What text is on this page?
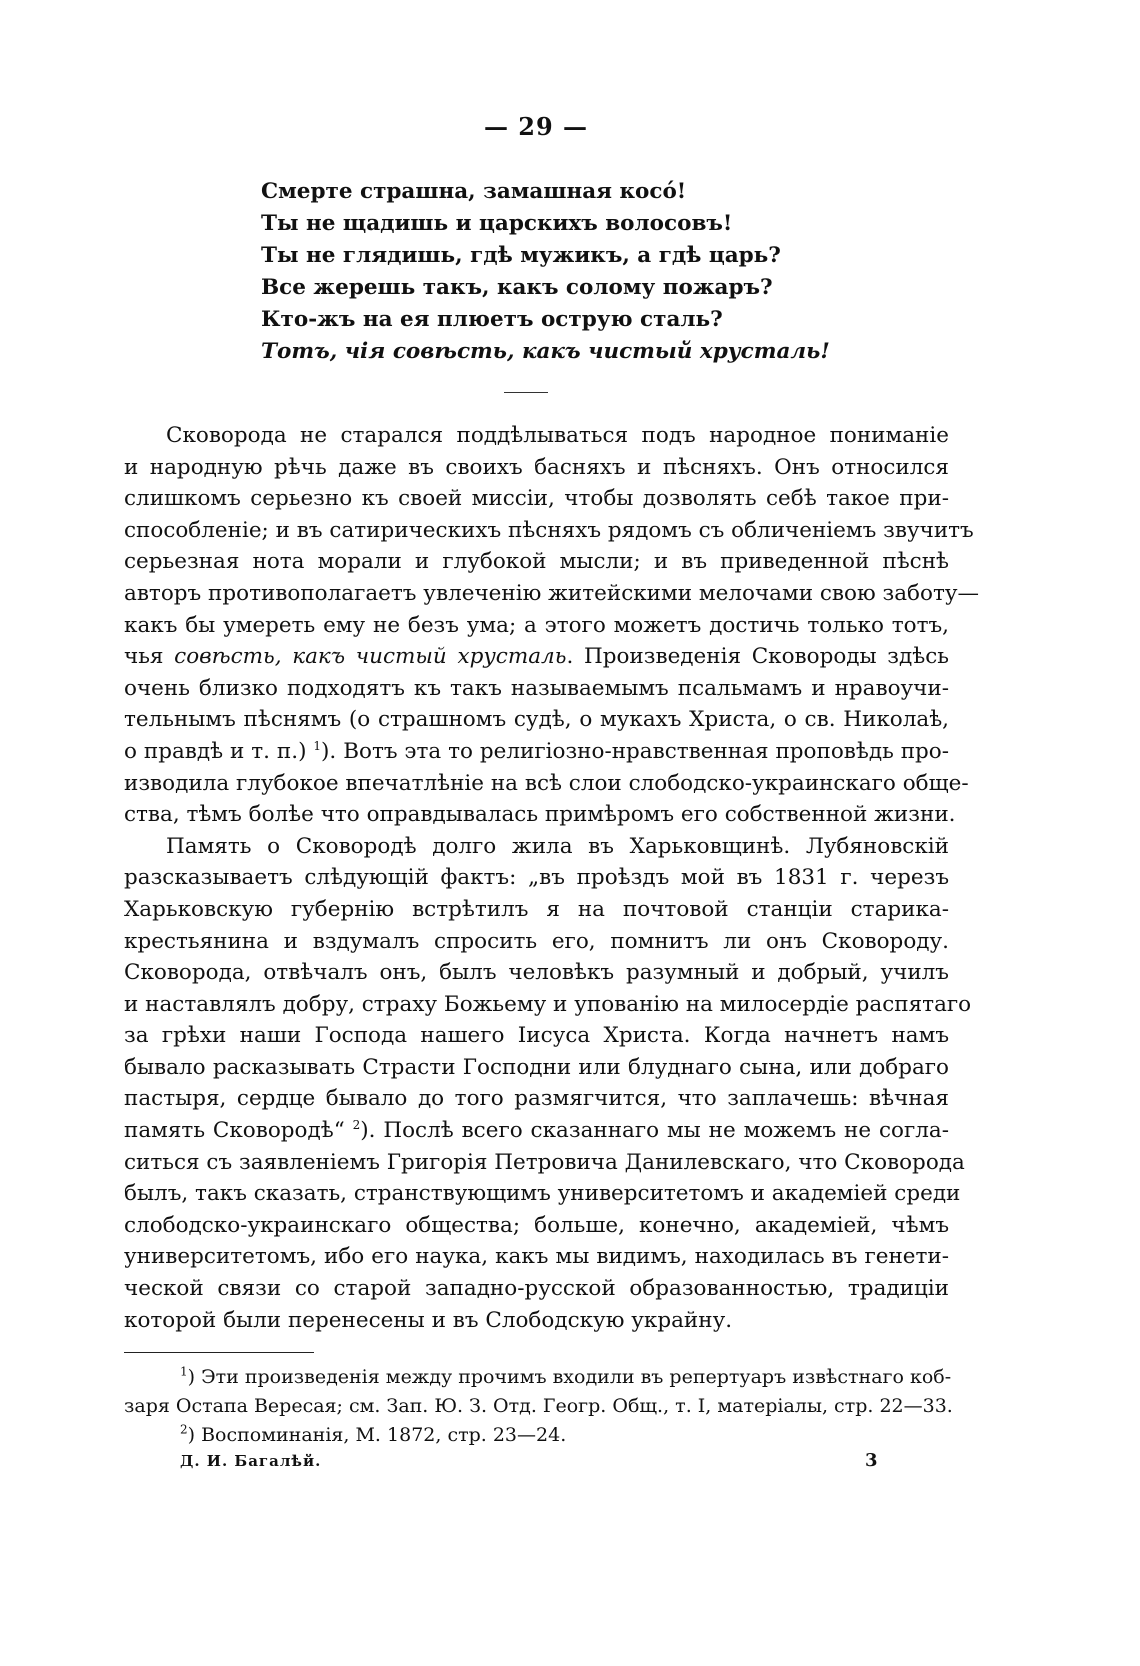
— 29 —
Смерте страшна, замашная косо́!
Ты не щадишь и царскихъ волосовъ!
Ты не глядишь, гдѣ мужикъ, а гдѣ царь?
Все жерешь такъ, какъ солому пожаръ?
Кто-жъ на ея плюетъ острую сталь?
Тотъ, чія совѣсть, какъ чистый хрусталь!
Сковорода не старался поддѣлываться подъ народное пониманіе
и народную рѣчь даже въ своихъ басняхъ и пѣсняхъ. Онъ относился
слишкомъ серьезно къ своей миссіи, чтобы дозволять себѣ такое при-
способленіе; и въ сатирическихъ пѣсняхъ рядомъ съ обличеніемъ звучитъ
серьезная нота морали и глубокой мысли; и въ приведенной пѣснѣ
авторъ противополагаетъ увлеченію житейскими мелочами свою заботу—
какъ бы умереть ему не безъ ума; а этого можетъ достичь только тотъ,
чья совѣсть, какъ чистый хрусталь. Произведенія Сковороды здѣсь
очень близко подходятъ къ такъ называемымъ псальмамъ и нравоучи-
тельнымъ пѣснямъ (о страшномъ судѣ, о мукахъ Христа, о св. Николаѣ,
о правдѣ и т. п.) $^1$). Вотъ эта то религіозно-нравственная проповѣдь про-
изводила глубокое впечатлѣніе на всѣ слои слободско-украинскаго обще-
ства, тѣмъ болѣе что оправдывалась примѣромъ его собственной жизни.
Память о Сковородѣ долго жила въ Харьковщинѣ. Лубяновскій
разсказываетъ слѣдующій фактъ: „въ проѣздъ мой въ 1831 г. черезъ
Харьковскую губернію встрѣтилъ я на почтовой станціи старика-
крестьянина и вздумалъ спросить его, помнитъ ли онъ Сковороду.
Сковорода, отвѣчалъ онъ, былъ человѣкъ разумный и добрый, училъ
и наставлялъ добру, страху Божьему и упованію на милосердіе распятаго
за грѣхи наши Господа нашего Іисуса Христа. Когда начнетъ намъ
бывало расказывать Страсти Господни или блуднаго сына, или добраго
пастыря, сердце бывало до того размягчится, что заплачешь: вѣчная
память Сковородѣ“ $^2$). Послѣ всего сказаннаго мы не можемъ не согла-
ситься съ заявленіемъ Григорія Петровича Данилевскаго, что Сковорода
былъ, такъ сказать, странствующимъ университетомъ и академіей среди
слободско-украинскаго общества; больше, конечно, академіей, чѣмъ
университетомъ, ибо его наука, какъ мы видимъ, находилась въ генети-
ческой связи со старой западно-русской образованностью, традиціи
которой были перенесены и въ Слободскую украйну.
$^1$) Эти произведенія между прочимъ входили въ репертуаръ извѣстнаго коб-
заря Остапа Вересая; см. Зап. Ю. З. Отд. Геогр. Общ., т. I, матеріалы, стр. 22—33.
$^2$) Воспоминанія, М. 1872, стр. 23—24.
Д. И. Багалѣй.	3
